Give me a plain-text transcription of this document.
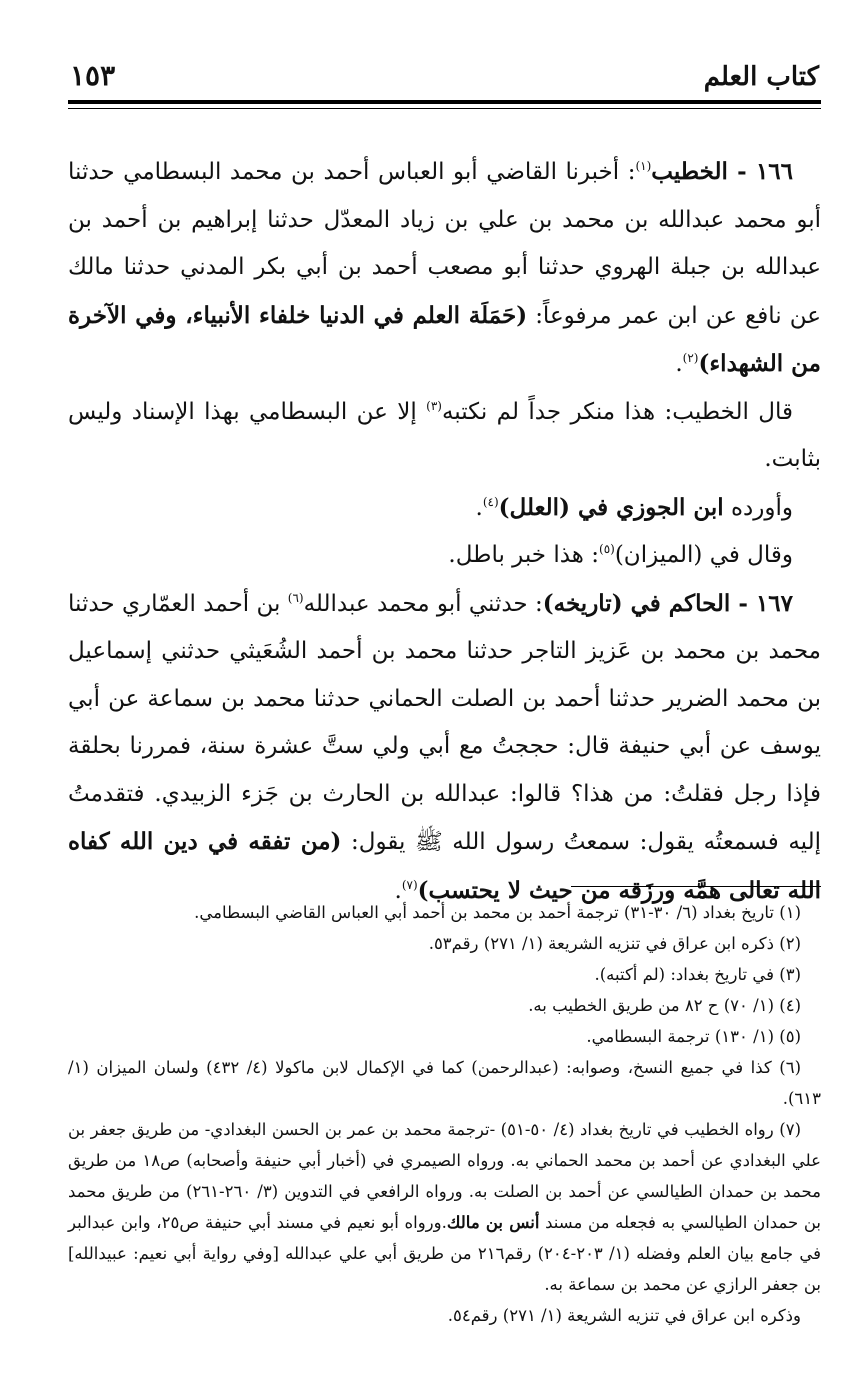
كتاب العلم
١٥٣

١٦٦ - الخطيب$^{(١)}$: أخبرنا القاضي أبو العباس أحمد بن محمد البسطامي حدثنا أبو محمد عبدالله بن محمد بن علي بن زياد المعدّل حدثنا إبراهيم بن أحمد بن عبدالله بن جبلة الهروي حدثنا أبو مصعب أحمد بن أبي بكر المدني حدثنا مالك عن نافع عن ابن عمر مرفوعاً: (حَمَلَة العلم في الدنيا خلفاء الأنبياء، وفي الآخرة من الشهداء)$^{(٢)}$.

قال الخطيب: هذا منكر جداً لم نكتبه$^{(٣)}$ إلا عن البسطامي بهذا الإسناد وليس بثابت.

وأورده ابن الجوزي في (العلل)$^{(٤)}$.

وقال في (الميزان)$^{(٥)}$: هذا خبر باطل.

١٦٧ - الحاكم في (تاريخه): حدثني أبو محمد عبدالله$^{(٦)}$ بن أحمد العمّاري حدثنا محمد بن محمد بن عَزيز التاجر حدثنا محمد بن أحمد الشُعَيثي حدثني إسماعيل بن محمد الضرير حدثنا أحمد بن الصلت الحماني حدثنا محمد بن سماعة عن أبي يوسف عن أبي حنيفة قال: حججتُ مع أبي ولي ستَّ عشرة سنة، فمررنا بحلقة فإذا رجل فقلتُ: من هذا؟ قالوا: عبدالله بن الحارث بن جَزء الزبيدي. فتقدمتُ إليه فسمعتُه يقول: سمعتُ رسول الله ﷺ يقول: (من تفقه في دين الله كفاه الله تعالى همَّه ورزَقه من حيث لا يحتسب)$^{(٧)}$.

(١) تاريخ بغداد (٦/ ٣٠-٣١) ترجمة أحمد بن محمد بن أحمد أبي العباس القاضي البسطامي.

(٢) ذكره ابن عراق في تنزيه الشريعة (١/ ٢٧١) رقم٥٣.

(٣) في تاريخ بغداد: (لم أكتبه).

(٤) (١/ ٧٠) ح ٨٢ من طريق الخطيب به.

(٥) (١/ ١٣٠) ترجمة البسطامي.

(٦) كذا في جميع النسخ، وصوابه: (عبدالرحمن) كما في الإكمال لابن ماكولا (٤/ ٤٣٢) ولسان الميزان (١/ ٦١٣).

(٧) رواه الخطيب في تاريخ بغداد (٤/ ٥٠-٥١) -ترجمة محمد بن عمر بن الحسن البغدادي- من طريق جعفر بن علي البغدادي عن أحمد بن محمد الحماني به. ورواه الصيمري في (أخبار أبي حنيفة وأصحابه) ص١٨ من طريق محمد بن حمدان الطيالسي عن أحمد بن الصلت به. ورواه الرافعي في التدوين (٣/ ٢٦٠-٢٦١) من طريق محمد بن حمدان الطيالسي به فجعله من مسند أنس بن مالك.ورواه أبو نعيم في مسند أبي حنيفة ص٢٥، وابن عبدالبر في جامع بيان العلم وفضله (١/ ٢٠٣-٢٠٤) رقم٢١٦ من طريق أبي علي عبدالله [وفي رواية أبي نعيم: عبيدالله] بن جعفر الرازي عن محمد بن سماعة به.

وذكره ابن عراق في تنزيه الشريعة (١/ ٢٧١) رقم٥٤.
